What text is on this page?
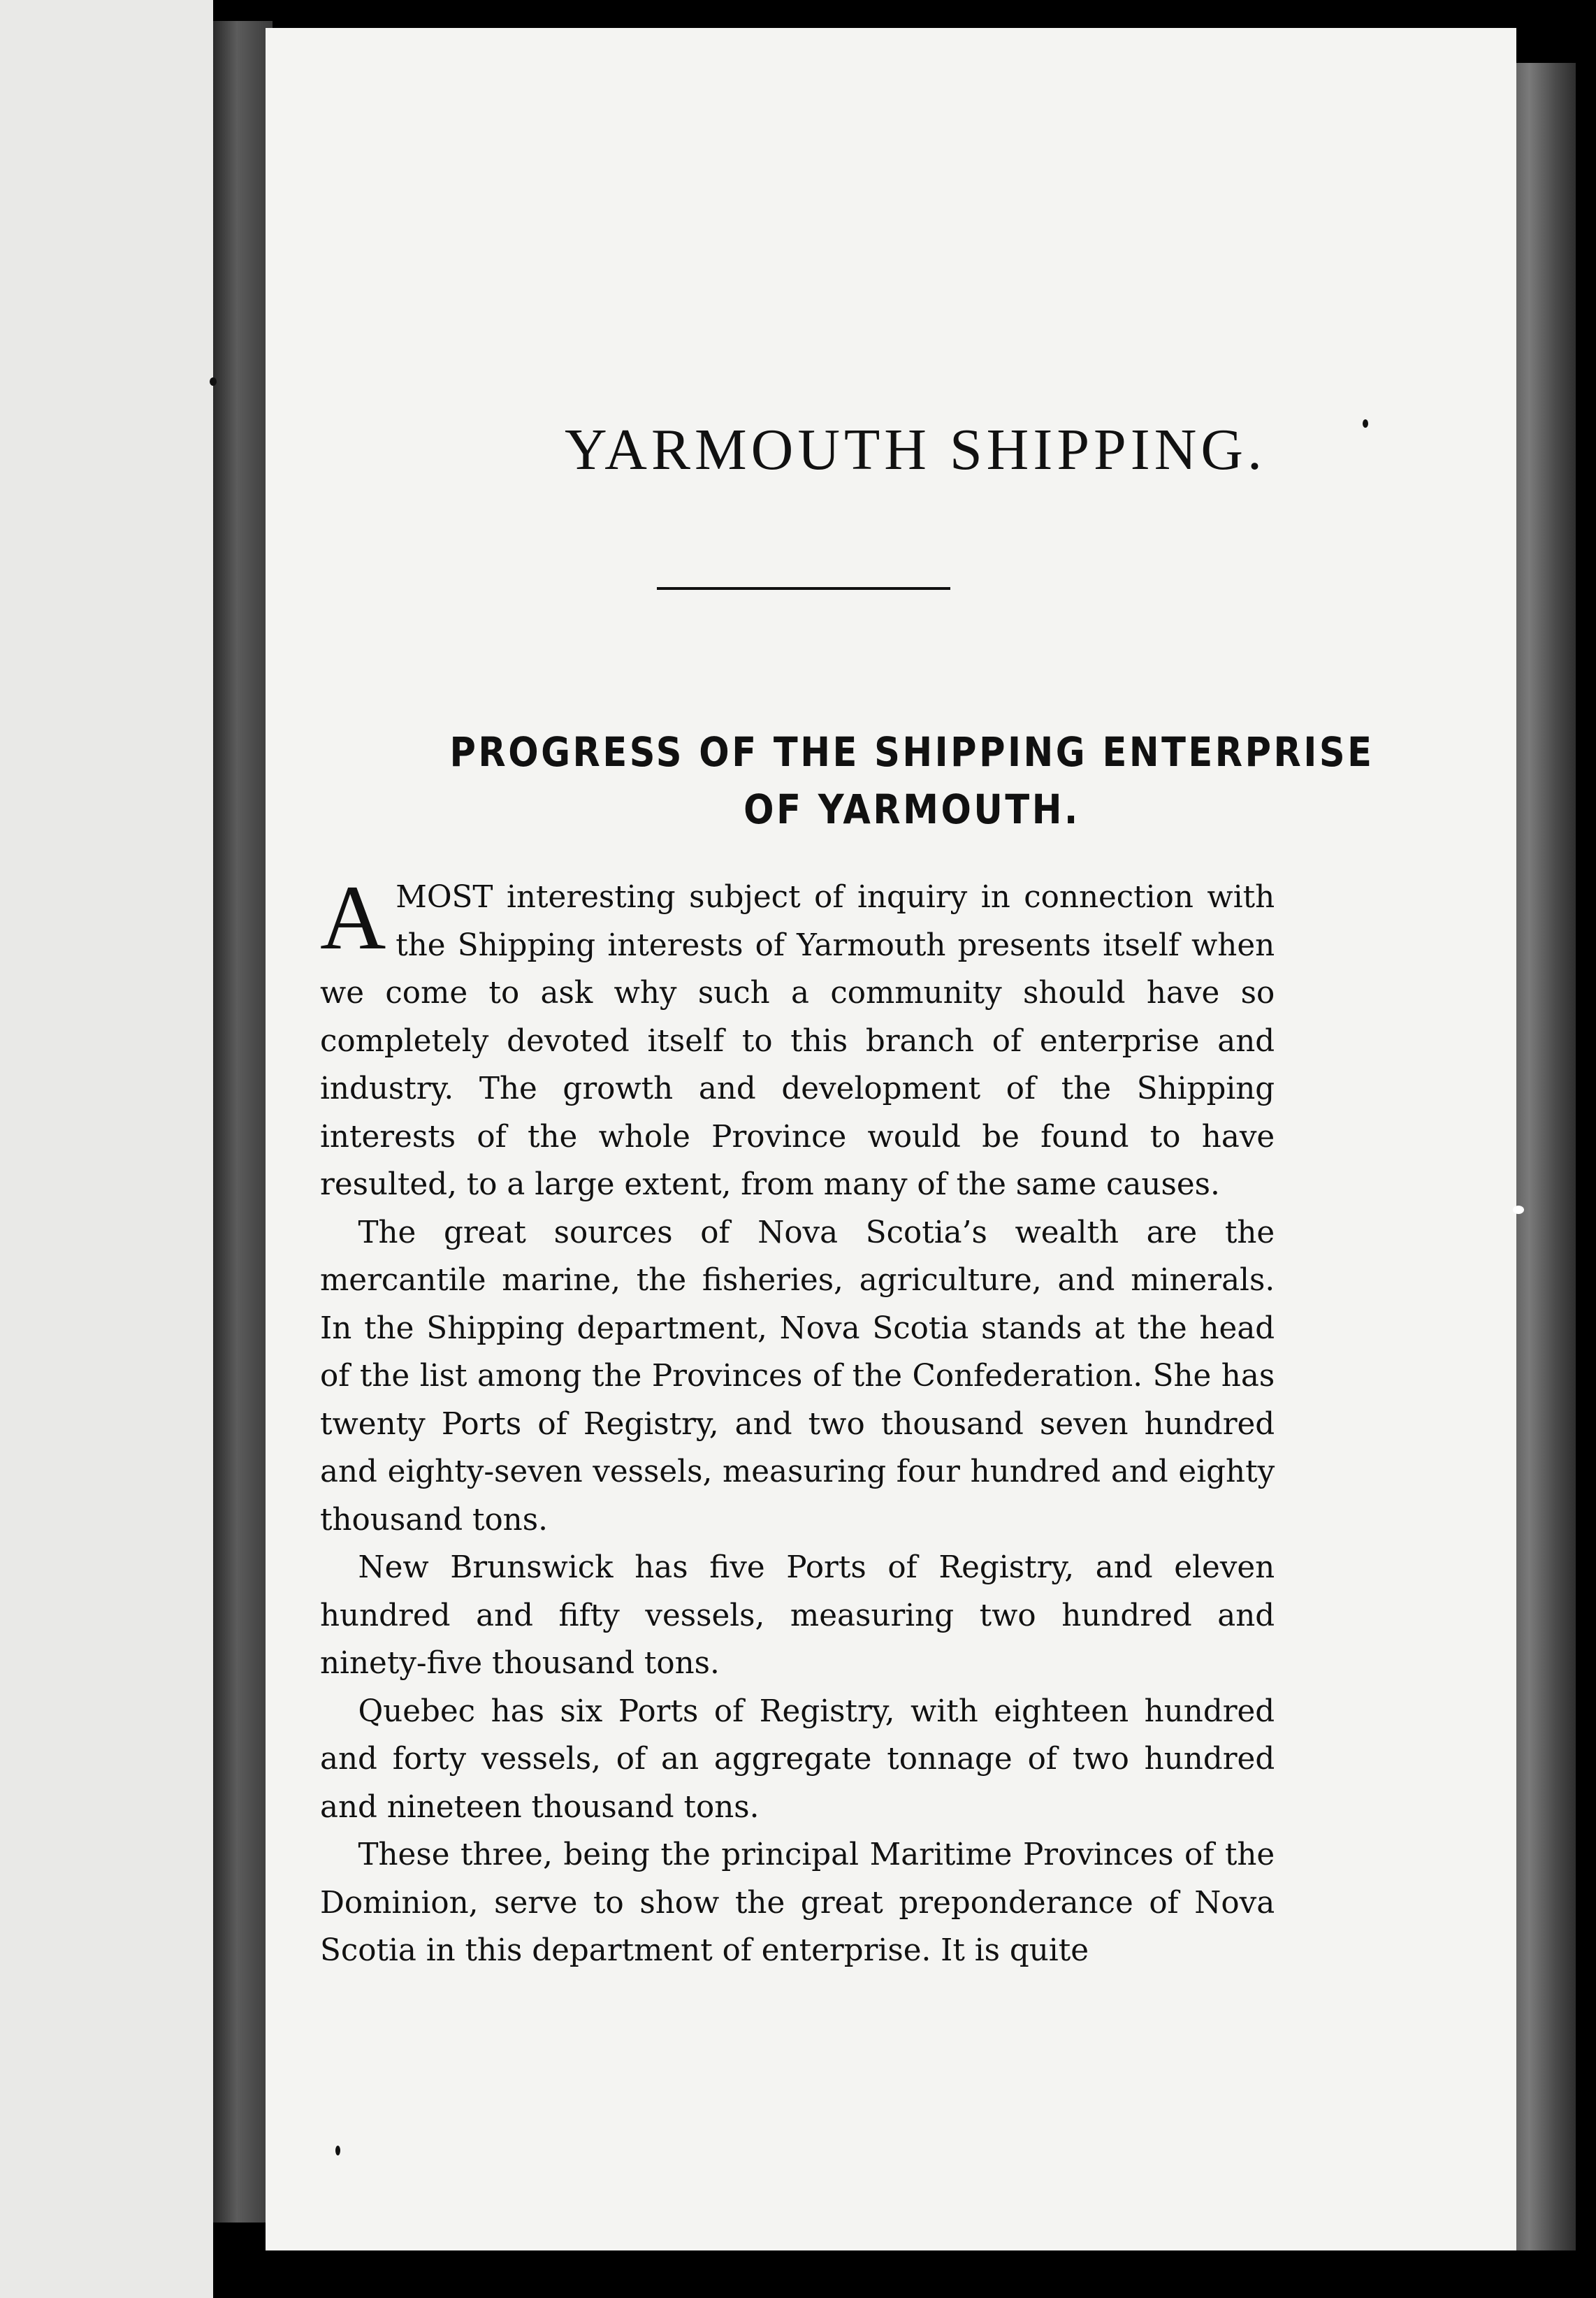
YARMOUTH SHIPPING.
PROGRESS OF THE SHIPPING ENTERPRISE
OF YARMOUTH.

AMOST interesting subject of inquiry in connection with the Shipping interests of Yarmouth presents itself when we come to ask why such a community should have so completely devoted itself to this branch of enterprise and industry. The growth and development of the Shipping interests of the whole Province would be found to have resulted, to a large extent, from many of the same causes.

The great sources of Nova Scotia’s wealth are the mercantile marine, the fisheries, agriculture, and minerals. In the Shipping department, Nova Scotia stands at the head of the list among the Provinces of the Confederation. She has twenty Ports of Registry, and two thousand seven hundred and eighty-seven vessels, measuring four hundred and eighty thousand tons.

New Brunswick has five Ports of Registry, and eleven hundred and fifty vessels, measuring two hundred and ninety-five thousand tons.

Quebec has six Ports of Registry, with eighteen hundred and forty vessels, of an aggregate tonnage of two hundred and nineteen thousand tons.

These three, being the principal Maritime Provinces of the Dominion, serve to show the great preponderance of Nova Scotia in this department of enterprise. It is quite
